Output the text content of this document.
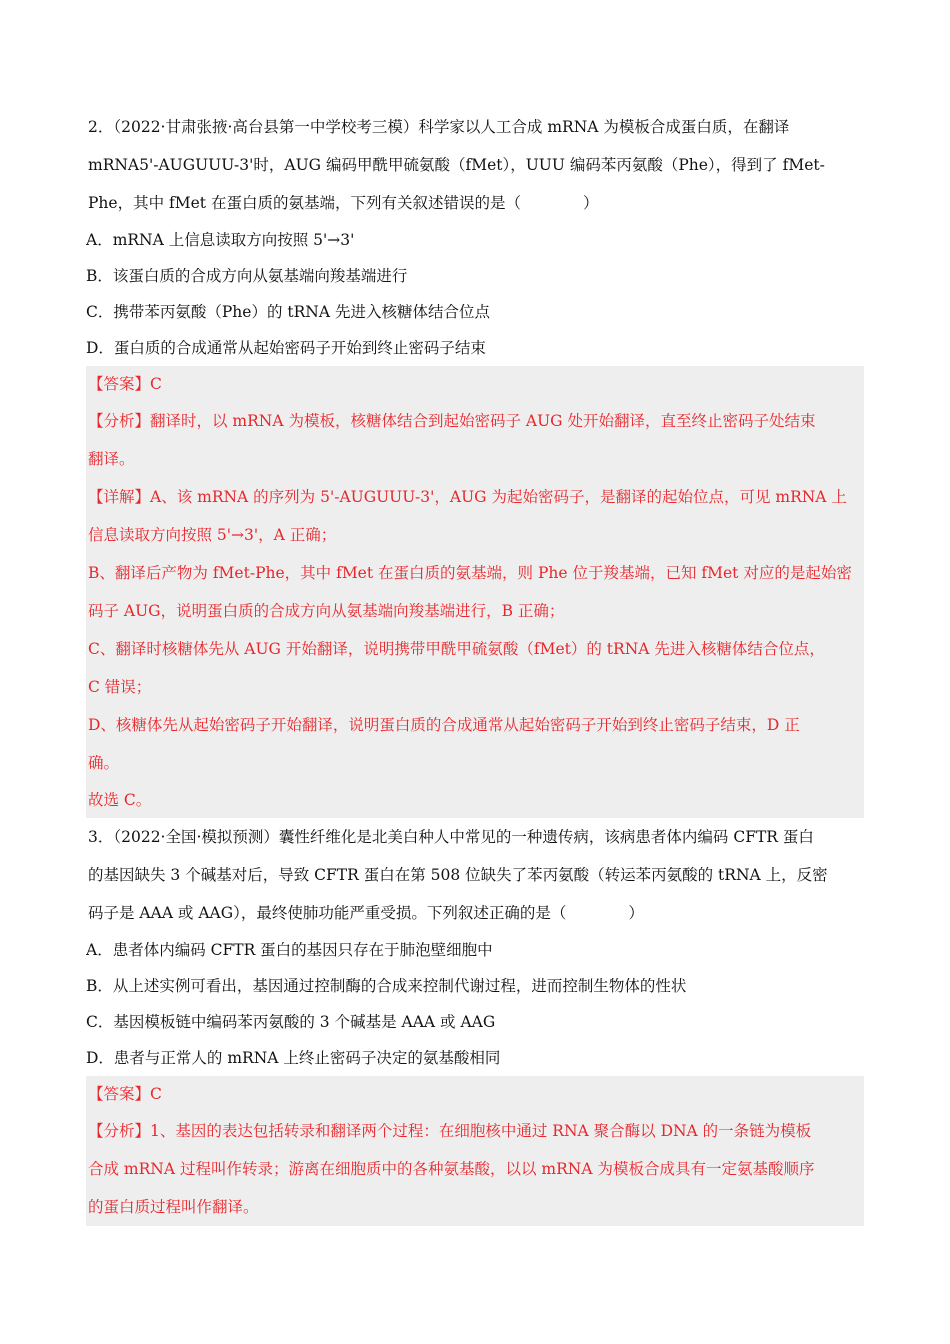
2．（2022·甘肃张掖·高台县第一中学校考三模）科学家以人工合成 mRNA 为模板合成蛋白质，在翻译
mRNA5'-AUGUUU-3'时，AUG 编码甲酰甲硫氨酸（fMet），UUU 编码苯丙氨酸（Phe），得到了 fMet-
Phe，其中 fMet 在蛋白质的氨基端，下列有关叙述错误的是（　　　　）
A．mRNA 上信息读取方向按照 5'→3'
B．该蛋白质的合成方向从氨基端向羧基端进行
C．携带苯丙氨酸（Phe）的 tRNA 先进入核糖体结合位点
D．蛋白质的合成通常从起始密码子开始到终止密码子结束
【答案】C
【分析】翻译时，以 mRNA 为模板，核糖体结合到起始密码子 AUG 处开始翻译，直至终止密码子处结束
翻译。
【详解】A、该 mRNA 的序列为 5'-AUGUUU-3'，AUG 为起始密码子，是翻译的起始位点，可见 mRNA 上
信息读取方向按照 5'→3'，A 正确；
B、翻译后产物为 fMet-Phe，其中 fMet 在蛋白质的氨基端，则 Phe 位于羧基端，已知 fMet 对应的是起始密
码子 AUG，说明蛋白质的合成方向从氨基端向羧基端进行，B 正确；
C、翻译时核糖体先从 AUG 开始翻译，说明携带甲酰甲硫氨酸（fMet）的 tRNA 先进入核糖体结合位点，
C 错误；
D、核糖体先从起始密码子开始翻译，说明蛋白质的合成通常从起始密码子开始到终止密码子结束，D 正
确。
故选 C。
3．（2022·全国·模拟预测）囊性纤维化是北美白种人中常见的一种遗传病，该病患者体内编码 CFTR 蛋白
的基因缺失 3 个碱基对后，导致 CFTR 蛋白在第 508 位缺失了苯丙氨酸（转运苯丙氨酸的 tRNA 上，反密
码子是 AAA 或 AAG），最终使肺功能严重受损。下列叙述正确的是（　　　　）
A．患者体内编码 CFTR 蛋白的基因只存在于肺泡壁细胞中
B．从上述实例可看出，基因通过控制酶的合成来控制代谢过程，进而控制生物体的性状
C．基因模板链中编码苯丙氨酸的 3 个碱基是 AAA 或 AAG
D．患者与正常人的 mRNA 上终止密码子决定的氨基酸相同
【答案】C
【分析】1、基因的表达包括转录和翻译两个过程：在细胞核中通过 RNA 聚合酶以 DNA 的一条链为模板
合成 mRNA 过程叫作转录；游离在细胞质中的各种氨基酸，以以 mRNA 为模板合成具有一定氨基酸顺序
的蛋白质过程叫作翻译。
